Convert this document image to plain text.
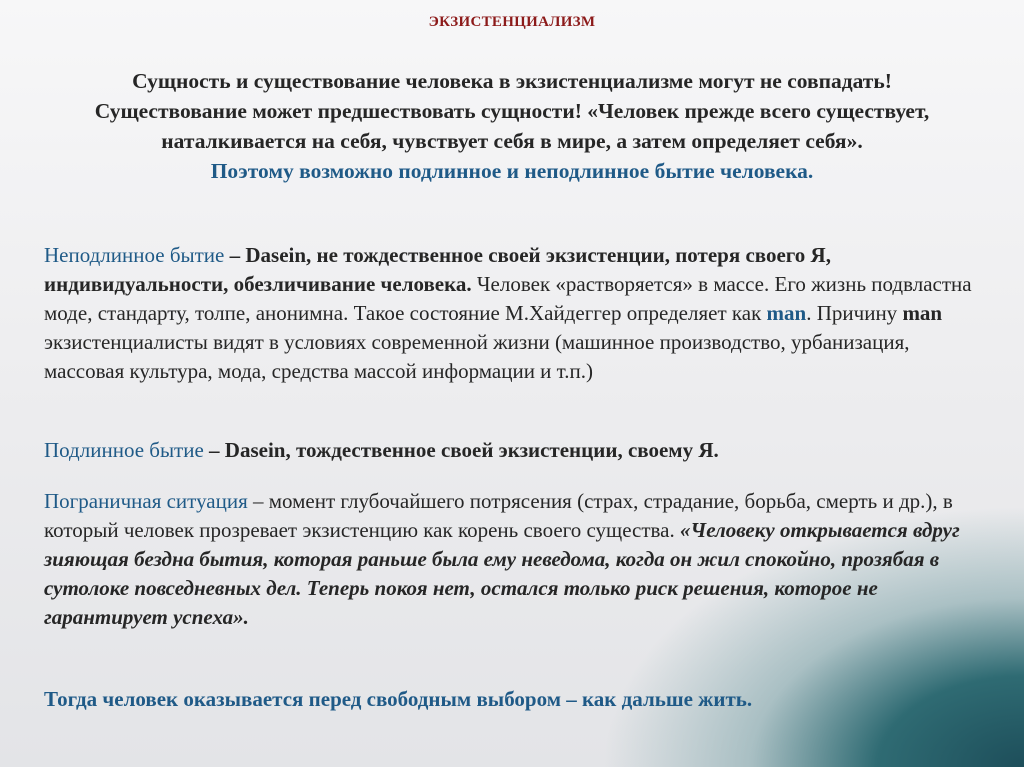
ЭКЗИСТЕНЦИАЛИЗМ
Сущность и существование человека в экзистенциализме могут не совпадать! Существование может предшествовать сущности! «Человек прежде всего существует, наталкивается на себя, чувствует себя в мире, а затем определяет себя».
Поэтому возможно подлинное и неподлинное бытие человека.
Неподлинное бытие – Dasein, не тождественное своей экзистенции, потеря своего Я, индивидуальности, обезличивание человека. Человек «растворяется» в массе. Его жизнь подвластна моде, стандарту, толпе, анонимна. Такое состояние М.Хайдеггер определяет как man. Причину man экзистенциалисты видят в условиях современной жизни (машинное производство, урбанизация, массовая культура, мода, средства массой информации и т.п.)
Подлинное бытие – Dasein, тождественное своей экзистенции, своему Я.
Пограничная ситуация – момент глубочайшего потрясения (страх, страдание, борьба, смерть и др.), в который человек прозревает экзистенцию как корень своего существа. «Человеку открывается вдруг зияющая бездна бытия, которая раньше была ему неведома, когда он жил спокойно, прозябая в сутолоке повседневных дел. Теперь покоя нет, остался только риск решения, которое не гарантирует успеха».
Тогда человек оказывается перед свободным выбором – как дальше жить.
